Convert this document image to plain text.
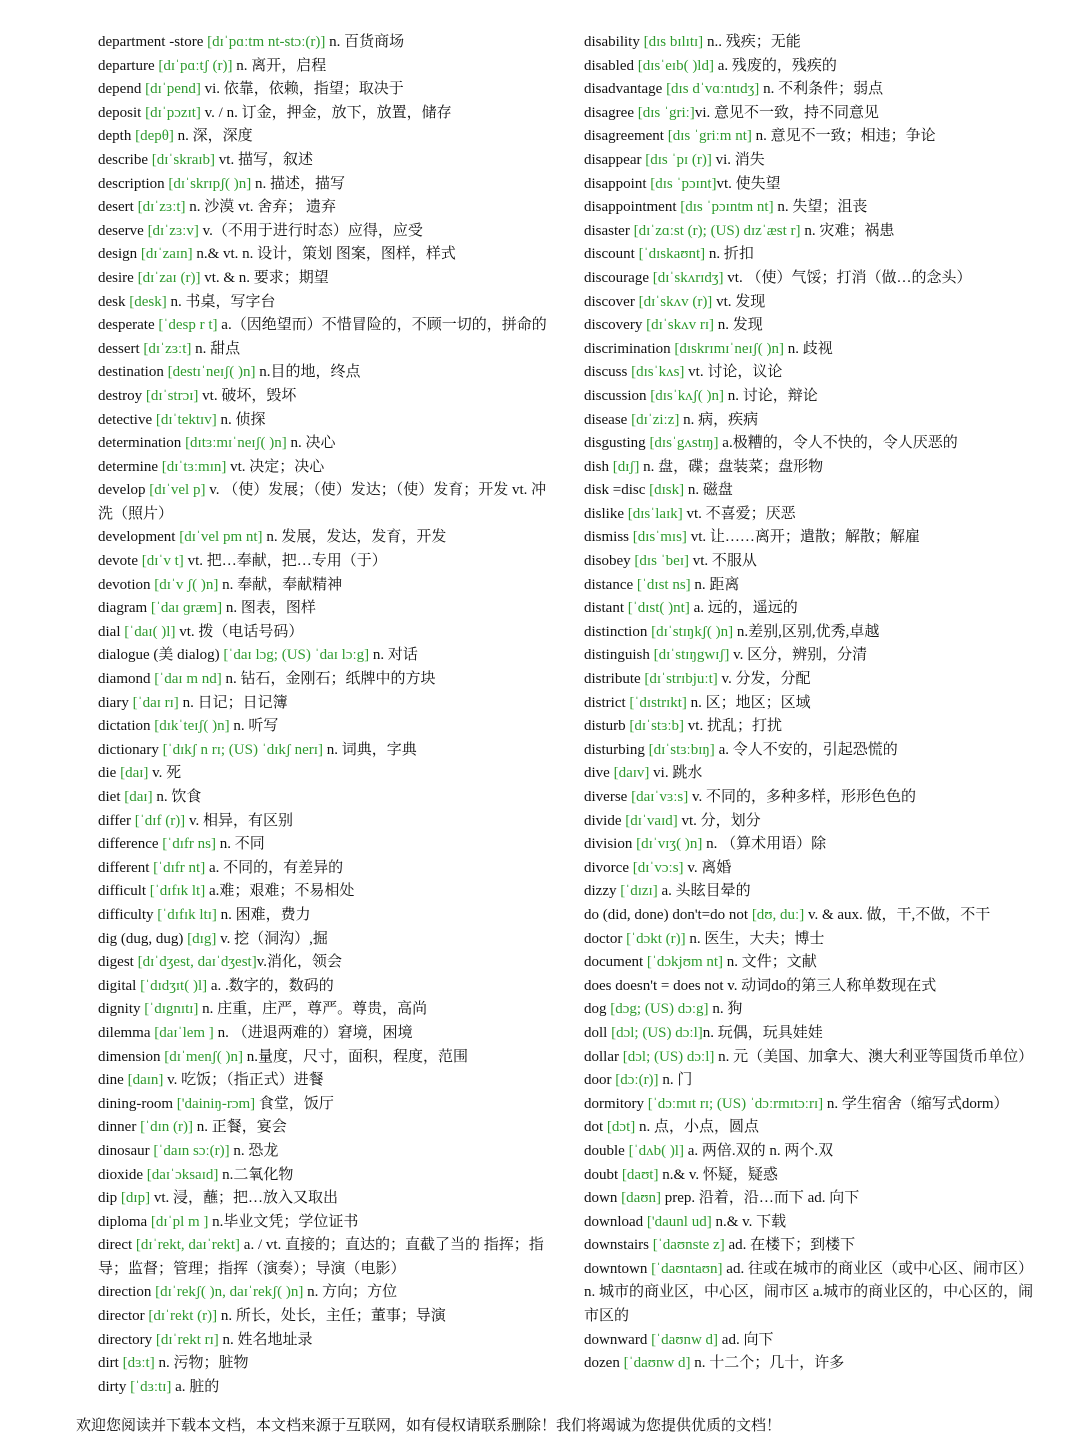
department -store [dɪˈpɑːtm nt-stɔː(r)] n. 百货商场

departure [dɪˈpɑːtʃ (r)] n. 离开，启程

depend [dɪˈpend] vi. 依靠，依赖，指望；取决于

deposit [dɪˈpɔzɪt] v. / n. 订金，押金，放下，放置，储存

depth [depθ] n. 深，深度

describe [dɪˈskraɪb] vt. 描写，叙述

description [dɪˈskrɪpʃ( )n] n. 描述，描写

desert [dɪˈzɜːt] n. 沙漠 vt. 舍弃； 遗弃

deserve [dɪˈzɜːv] v.（不用于进行时态）应得，应受

design [dɪˈzaɪn] n.& vt. n. 设计，策划 图案，图样，样式

desire [dɪˈzaɪ (r)] vt. & n. 要求；期望

desk [desk] n. 书桌，写字台

desperate [ˈdesp r t] a.（因绝望而）不惜冒险的，不顾一切的，拼命的

dessert [dɪˈzɜːt] n. 甜点

destination [destɪˈneɪʃ( )n] n.目的地，终点

destroy [dɪˈstrɔɪ] vt. 破坏，毁坏

detective [dɪˈtektɪv] n. 侦探

determination [dɪtɜːmɪˈneɪʃ( )n] n. 决心

determine [dɪˈtɜːmɪn] vt. 决定；决心

develop [dɪˈvel p] v. （使）发展；（使）发达；（使）发育；开发 vt. 冲洗（照片）

development [dɪˈvel pm nt] n. 发展，发达，发育，开发

devote [dɪˈv t] vt. 把…奉献，把…专用（于）

devotion [dɪˈv ʃ( )n] n. 奉献，奉献精神

diagram [ˈdaɪ ɡræm] n. 图表，图样

dial [ˈdaɪ( )l] vt. 拨（电话号码）

dialogue (美 dialog) [ˈdaɪ lɔg; (US) ˈdaɪ lɔːg] n. 对话

diamond [ˈdaɪ m nd] n. 钻石，金刚石；纸牌中的方块

diary [ˈdaɪ rɪ] n. 日记；日记簿

dictation [dɪkˈteɪʃ( )n] n. 听写

dictionary [ˈdɪkʃ n rɪ; (US) ˈdɪkʃ nerɪ] n. 词典，字典

die [daɪ] v. 死

diet [daɪ] n. 饮食

differ [ˈdɪf (r)] v. 相异，有区别

difference [ˈdɪfr ns] n. 不同

different [ˈdɪfr nt] a. 不同的，有差异的

difficult [ˈdɪfɪk lt] a.难；艰难；不易相处

difficulty [ˈdɪfɪk ltɪ] n. 困难，费力

dig (dug, dug) [dɪg] v. 挖（洞沟）,掘

digest [dɪˈdʒest, daɪˈdʒest]v.消化，领会

digital [ˈdɪdʒɪt( )l] a. .数字的，数码的

dignity [ˈdɪgnɪtɪ] n. 庄重，庄严，尊严。尊贵，高尚

dilemma [daɪˈlem ] n. （进退两难的）窘境，困境

dimension [dɪˈmenʃ( )n] n.量度，尺寸，面积，程度，范围

dine [daɪn] v. 吃饭；（指正式）进餐

dining-room ['dainiŋ-rɔm] 食堂，饭厅

dinner [ˈdɪn (r)] n. 正餐，宴会

dinosaur [ˈdaɪn sɔː(r)] n. 恐龙

dioxide [daɪˈɔksaɪd] n.二氧化物

dip [dɪp] vt. 浸，蘸；把…放入又取出

diploma [dɪˈpl m ] n.毕业文凭；学位证书

direct [dɪˈrekt, daɪˈrekt] a. / vt. 直接的；直达的；直截了当的 指挥；指导；监督；管理；指挥（演奏）；导演（电影）

direction [dɪˈrekʃ( )n, daɪˈrekʃ( )n] n. 方向；方位

director [dɪˈrekt (r)] n. 所长，处长，主任；董事；导演

directory [dɪˈrekt rɪ] n. 姓名地址录

dirt [dɜːt] n. 污物；脏物

dirty [ˈdɜːtɪ] a. 脏的

disability [dɪs bɪlɪtɪ] n.. 残疾；无能

disabled [dɪsˈeɪb( )ld] a. 残废的，残疾的

disadvantage [dɪs dˈvɑːntɪdʒ] n. 不利条件；弱点

disagree [dɪs ˈgriː]vi. 意见不一致，持不同意见

disagreement [dɪs ˈgriːm nt] n. 意见不一致；相违；争论

disappear [dɪs ˈpɪ (r)] vi. 消失

disappoint [dɪs ˈpɔɪnt]vt. 使失望

disappointment [dɪs ˈpɔɪntm nt] n. 失望；沮丧

disaster [dɪˈzɑːst (r); (US) dɪzˈæst r] n. 灾难；祸患

discount [ˈdɪskaʊnt] n. 折扣

discourage [dɪˈskʌrɪdʒ] vt. （使）气馁；打消（做…的念头）

discover [dɪˈskʌv (r)] vt. 发现

discovery [dɪˈskʌv rɪ] n. 发现

discrimination [dɪskrɪmɪˈneɪʃ( )n] n. 歧视

discuss [dɪsˈkʌs] vt. 讨论，议论

discussion [dɪsˈkʌʃ( )n] n. 讨论，辩论

disease [dɪˈziːz] n. 病，疾病

disgusting [dɪsˈgʌstɪŋ] a.极糟的，令人不快的，令人厌恶的

dish [dɪʃ] n. 盘，碟；盘装菜；盘形物

disk =disc [dɪsk] n. 磁盘

dislike [dɪsˈlaɪk] vt. 不喜爱；厌恶

dismiss [dɪsˈmɪs] vt. 让……离开；遣散；解散；解雇

disobey [dɪs ˈbeɪ] vt. 不服从

distance [ˈdɪst ns] n. 距离

distant [ˈdɪst( )nt] a. 远的，遥远的

distinction [dɪˈstɪŋkʃ( )n] n.差别,区别,优秀,卓越

distinguish [dɪˈstɪŋgwɪʃ] v. 区分，辨别，分清

distribute [dɪˈstrɪbjuːt] v. 分发，分配

district [ˈdɪstrɪkt] n. 区；地区；区域

disturb [dɪˈstɜːb] vt. 扰乱；打扰

disturbing [dɪˈstɜːbɪŋ] a. 令人不安的，引起恐慌的

dive [daɪv] vi. 跳水

diverse [daɪˈvɜːs] v. 不同的，多种多样，形形色色的

divide [dɪˈvaɪd] vt. 分，划分

division [dɪˈvɪʒ( )n] n. （算术用语）除

divorce [dɪˈvɔːs] v. 离婚

dizzy [ˈdɪzɪ] a. 头眩目晕的

do (did, done) don't=do not [dʊ, duː] v. & aux. 做，干,不做，不干

doctor [ˈdɔkt (r)] n. 医生，大夫；博士

document [ˈdɔkjʊm nt] n. 文件；文献

does doesn't = does not v. 动词do的第三人称单数现在式

dog [dɔg; (US) dɔːg] n. 狗

doll [dɔl; (US) dɔːl]n. 玩偶，玩具娃娃

dollar [dɔl; (US) dɔːl] n. 元（美国、加拿大、澳大利亚等国货币单位）

door [dɔː(r)] n. 门

dormitory [ˈdɔːmɪt rɪ; (US) ˈdɔːrmɪtɔːrɪ] n. 学生宿舍（缩写式dorm）

dot [dɔt] n. 点，小点，圆点

double [ˈdʌb( )l] a. 两倍.双的 n. 两个.双

doubt [daʊt] n.& v. 怀疑，疑惑

down [daʊn] prep. 沿着，沿…而下 ad. 向下

download ['daunl ud] n.& v. 下载

downstairs [ˈdaʊnste z] ad. 在楼下；到楼下

downtown [ˈdaʊntaʊn] ad. 往或在城市的商业区（或中心区、闹市区） n. 城市的商业区，中心区，闹市区 a.城市的商业区的，中心区的，闹市区的

downward [ˈdaʊnw d] ad. 向下

dozen [ˈdaʊnw d] n. 十二个；几十，许多

欢迎您阅读并下载本文档，本文档来源于互联网，如有侵权请联系删除！我们将竭诚为您提供优质的文档！
